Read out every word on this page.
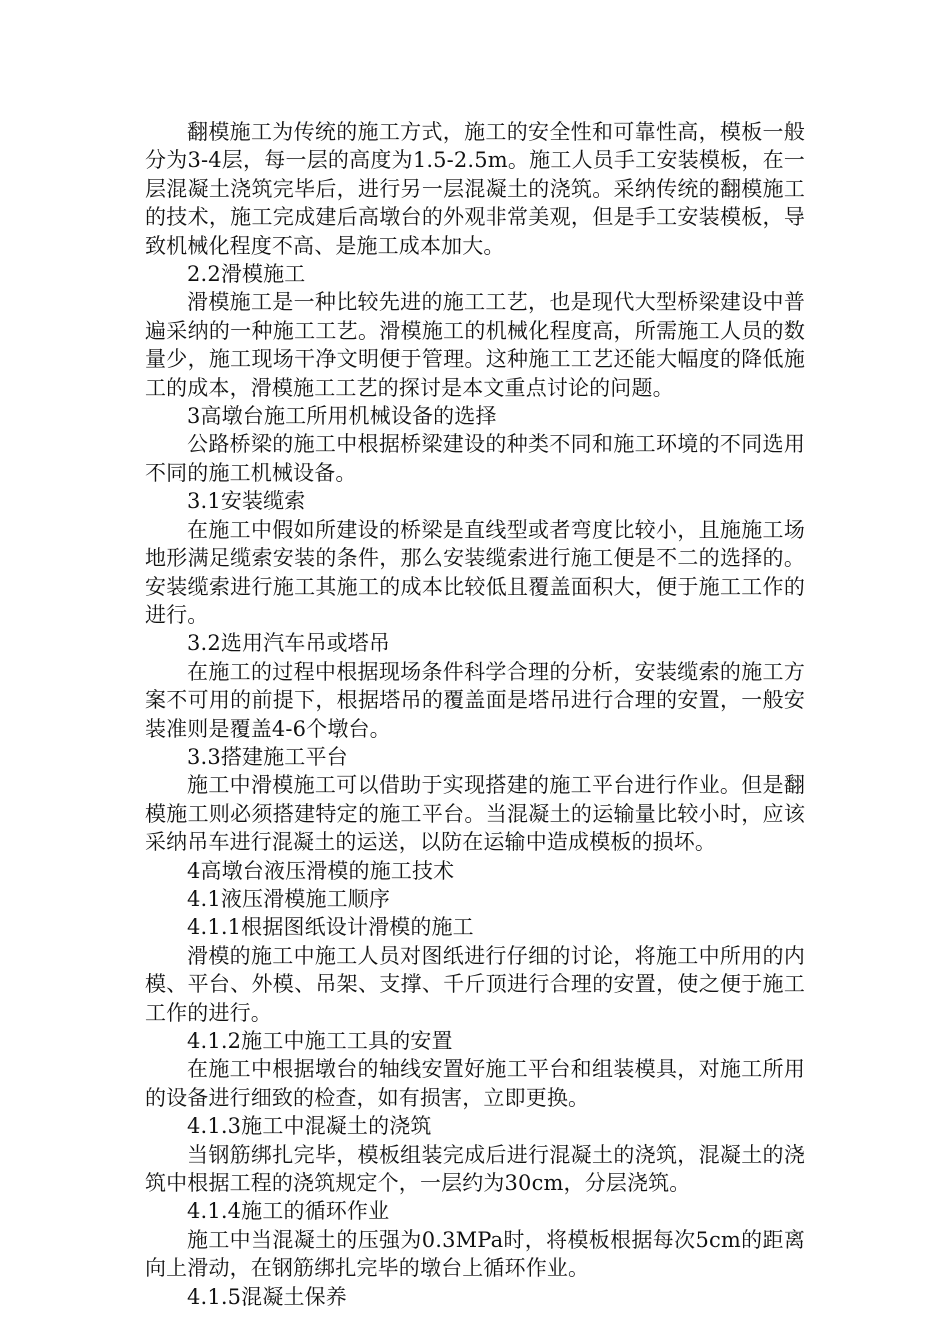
翻模施工为传统的施工方式，施工的安全性和可靠性高，模板一般分为3-4层，每一层的高度为1.5-2.5m。施工人员手工安装模板，在一层混凝土浇筑完毕后，进行另一层混凝土的浇筑。采纳传统的翻模施工的技术，施工完成建后高墩台的外观非常美观，但是手工安装模板，导致机械化程度不高、是施工成本加大。

2.2滑模施工

滑模施工是一种比较先进的施工工艺，也是现代大型桥梁建设中普遍采纳的一种施工工艺。滑模施工的机械化程度高，所需施工人员的数量少，施工现场干净文明便于管理。这种施工工艺还能大幅度的降低施工的成本，滑模施工工艺的探讨是本文重点讨论的问题。

3高墩台施工所用机械设备的选择

公路桥梁的施工中根据桥梁建设的种类不同和施工环境的不同选用不同的施工机械设备。

3.1安装缆索

在施工中假如所建设的桥梁是直线型或者弯度比较小，且施施工场地形满足缆索安装的条件，那么安装缆索进行施工便是不二的选择的。安装缆索进行施工其施工的成本比较低且覆盖面积大，便于施工工作的进行。

3.2选用汽车吊或塔吊

在施工的过程中根据现场条件科学合理的分析，安装缆索的施工方案不可用的前提下，根据塔吊的覆盖面是塔吊进行合理的安置，一般安装准则是覆盖4-6个墩台。

3.3搭建施工平台

施工中滑模施工可以借助于实现搭建的施工平台进行作业。但是翻模施工则必须搭建特定的施工平台。当混凝土的运输量比较小时，应该采纳吊车进行混凝土的运送，以防在运输中造成模板的损坏。

4高墩台液压滑模的施工技术

4.1液压滑模施工顺序

4.1.1根据图纸设计滑模的施工

滑模的施工中施工人员对图纸进行仔细的讨论，将施工中所用的内模、平台、外模、吊架、支撑、千斤顶进行合理的安置，使之便于施工工作的进行。

4.1.2施工中施工工具的安置

在施工中根据墩台的轴线安置好施工平台和组装模具，对施工所用的设备进行细致的检查，如有损害，立即更换。

4.1.3施工中混凝土的浇筑

当钢筋绑扎完毕，模板组装完成后进行混凝土的浇筑，混凝土的浇筑中根据工程的浇筑规定个，一层约为30cm，分层浇筑。

4.1.4施工的循环作业

施工中当混凝土的压强为0.3MPa时，将模板根据每次5cm的距离向上滑动，在钢筋绑扎完毕的墩台上循环作业。

4.1.5混凝土保养
